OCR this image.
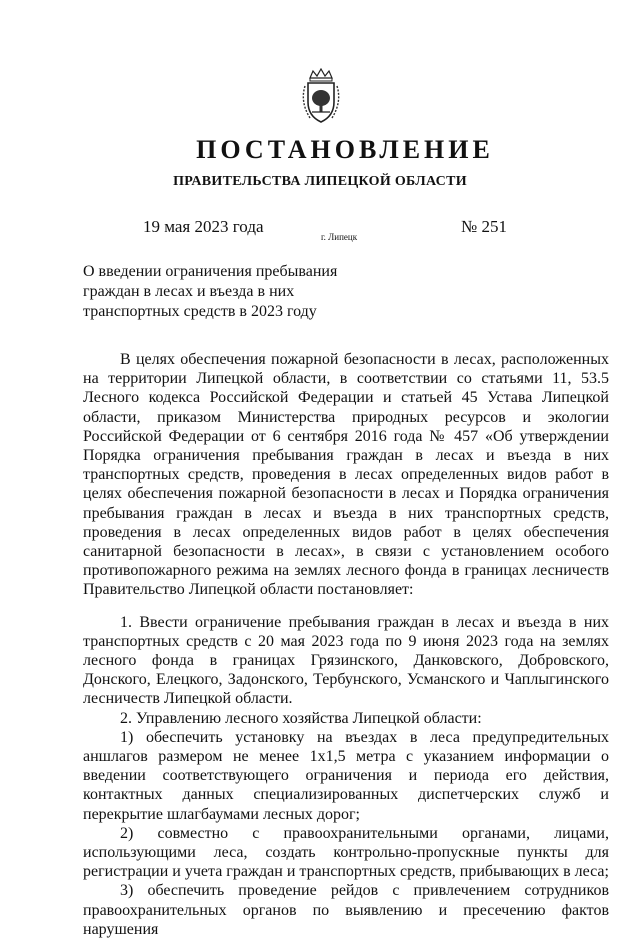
ПОСТАНОВЛЕНИЕ
ПРАВИТЕЛЬСТВА ЛИПЕЦКОЙ ОБЛАСТИ
19 мая 2023 года
г. Липецк
№ 251
О введении ограничения пребывания граждан в лесах и въезда в них транспортных средств в 2023 году

В целях обеспечения пожарной безопасности в лесах, расположенных на территории Липецкой области, в соответствии со статьями 11, 53.5 Лесного кодекса Российской Федерации и статьей 45 Устава Липецкой области, приказом Министерства природных ресурсов и экологии Российской Федерации от 6 сентября 2016 года № 457 «Об утверждении Порядка ограничения пребывания граждан в лесах и въезда в них транспортных средств, проведения в лесах определенных видов работ в целях обеспечения пожарной безопасности в лесах и Порядка ограничения пребывания граждан в лесах и въезда в них транспортных средств, проведения в лесах определенных видов работ в целях обеспечения санитарной безопасности в лесах», в связи с установлением особого противопожарного режима на землях лесного фонда в границах лесничеств Правительство Липецкой области постановляет:

1. Ввести ограничение пребывания граждан в лесах и въезда в них транспортных средств с 20 мая 2023 года по 9 июня 2023 года на землях лесного фонда в границах Грязинского, Данковского, Добровского, Донского, Елецкого, Задонского, Тербунского, Усманского и Чаплыгинского лесничеств Липецкой области.

2. Управлению лесного хозяйства Липецкой области:

1) обеспечить установку на въездах в леса предупредительных аншлагов размером не менее 1х1,5 метра с указанием информации о введении соответствующего ограничения и периода его действия, контактных данных специализированных диспетчерских служб и перекрытие шлагбаумами лесных дорог;

2) совместно с правоохранительными органами, лицами, использующими леса, создать контрольно-пропускные пункты для регистрации и учета граждан и транспортных средств, прибывающих в леса;

3) обеспечить проведение рейдов с привлечением сотрудников правоохранительных органов по выявлению и пресечению фактов нарушения
